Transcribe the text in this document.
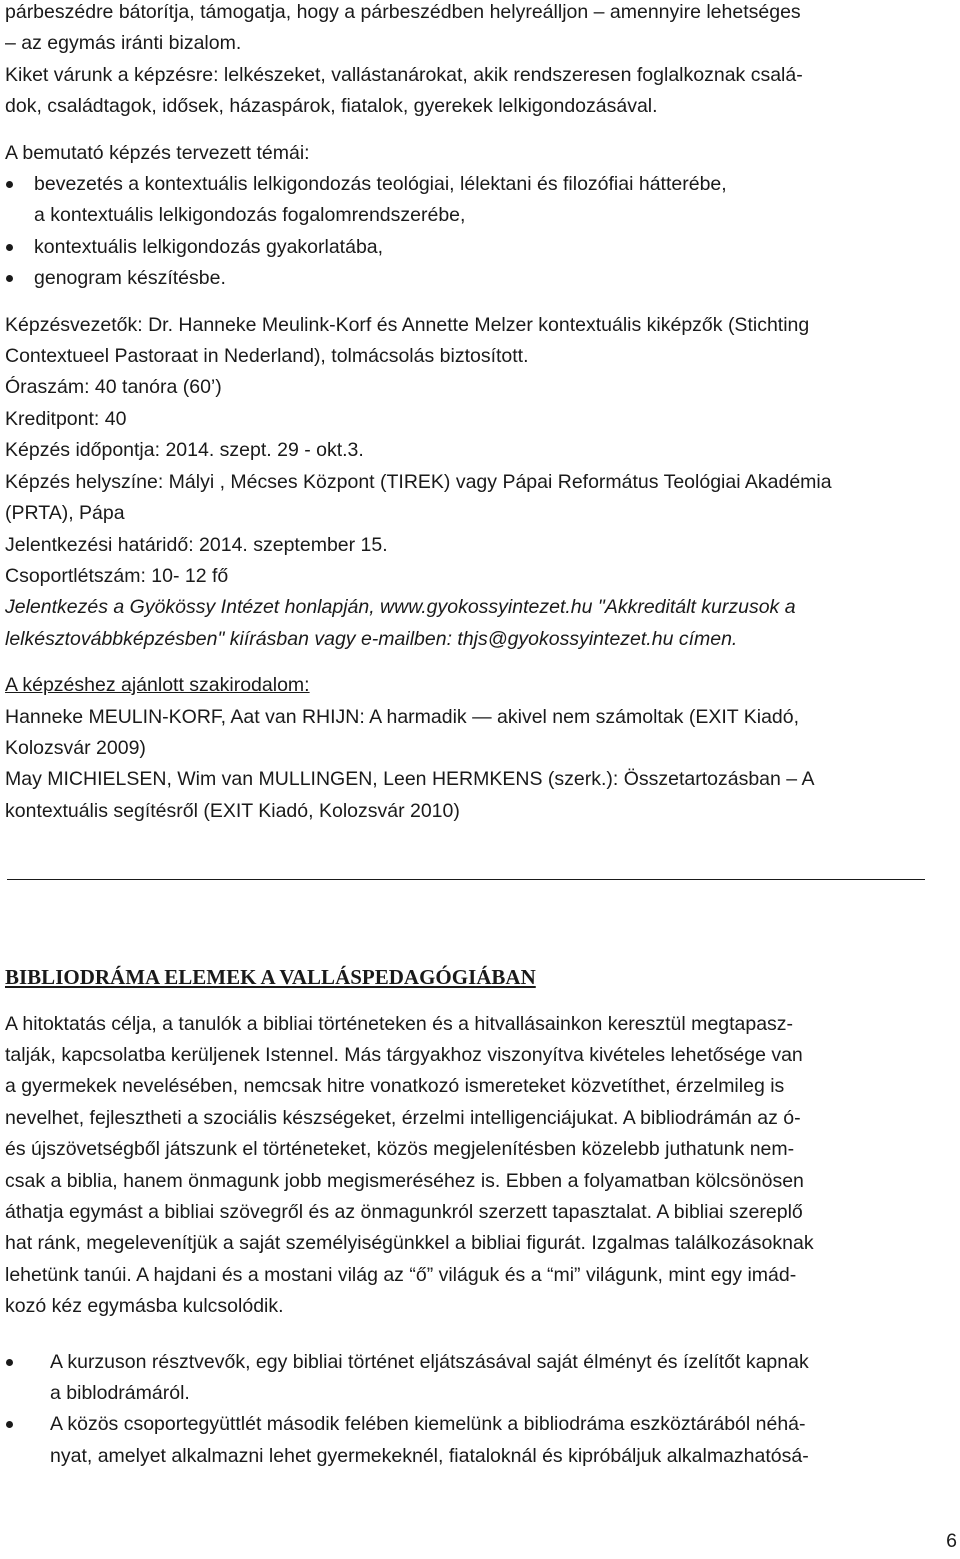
párbeszédre bátorítja, támogatja, hogy a párbeszédben helyreálljon – amennyire lehetséges
– az egymás iránti bizalom.
Kiket várunk a képzésre: lelkészeket, vallástanárokat, akik rendszeresen foglalkoznak csalá-
dok, családtagok, idősek, házaspárok, fiatalok, gyerekek lelkigondozásával.

A bemutató képzés tervezett témái:

bevezetés a kontextuális lelkigondozás teológiai, lélektani és filozófiai hátterébe,
a kontextuális lelkigondozás fogalomrendszerébe,
kontextuális lelkigondozás gyakorlatába,
genogram készítésbe.

Képzésvezetők: Dr. Hanneke Meulink-Korf és Annette Melzer kontextuális kiképzők (Stichting
Contextueel Pastoraat in Nederland), tolmácsolás biztosított.

Óraszám: 40 tanóra (60’)

Kreditpont: 40

Képzés időpontja: 2014. szept. 29 - okt.3.

Képzés helyszíne: Mályi , Mécses Központ (TIREK) vagy Pápai Református Teológiai Akadémia
(PRTA), Pápa

Jelentkezési határidő: 2014. szeptember 15.

Csoportlétszám: 10- 12 fő

Jelentkezés a Gyökössy Intézet honlapján, www.gyokossyintezet.hu "Akkreditált kurzusok a
lelkésztovábbképzésben" kiírásban vagy e-mailben: thjs@gyokossyintezet.hu címen.

A képzéshez ajánlott szakirodalom:

Hanneke MEULIN-KORF, Aat van RHIJN: A harmadik — akivel nem számoltak (EXIT Kiadó,
Kolozsvár 2009)

May MICHIELSEN, Wim van MULLINGEN, Leen HERMKENS (szerk.): Összetartozásban – A
kontextuális segítésről (EXIT Kiadó, Kolozsvár 2010)

BIBLIODRÁMA ELEMEK A VALLÁSPEDAGÓGIÁBAN

A hitoktatás célja, a tanulók a bibliai történeteken és a hitvallásainkon keresztül megtapasz-
talják, kapcsolatba kerüljenek Istennel. Más tárgyakhoz viszonyítva kivételes lehetősége van
a gyermekek nevelésében, nemcsak hitre vonatkozó ismereteket közvetíthet, érzelmileg is
nevelhet, fejlesztheti a szociális készségeket, érzelmi intelligenciájukat. A bibliodrámán az ó-
és újszövetségből játszunk el történeteket, közös megjelenítésben közelebb juthatunk nem-
csak a biblia, hanem önmagunk jobb megismeréséhez is. Ebben a folyamatban kölcsönösen
áthatja egymást a bibliai szövegről és az önmagunkról szerzett tapasztalat. A bibliai szereplő
hat ránk, megelevenítjük a saját személyiségünkkel a bibliai figurát. Izgalmas találkozásoknak
lehetünk tanúi. A hajdani és a mostani világ az “ő” világuk és a “mi” világunk, mint egy imád-
kozó kéz egymásba kulcsolódik.

A kurzuson résztvevők, egy bibliai történet eljátszásával saját élményt és ízelítőt kapnak
a biblodrámáról.
A közös csoportegyüttlét második felében kiemelünk a bibliodráma eszköztárából néhá-
nyat, amelyet alkalmazni lehet gyermekeknél, fiataloknál és kipróbáljuk alkalmazhatósá-
6
